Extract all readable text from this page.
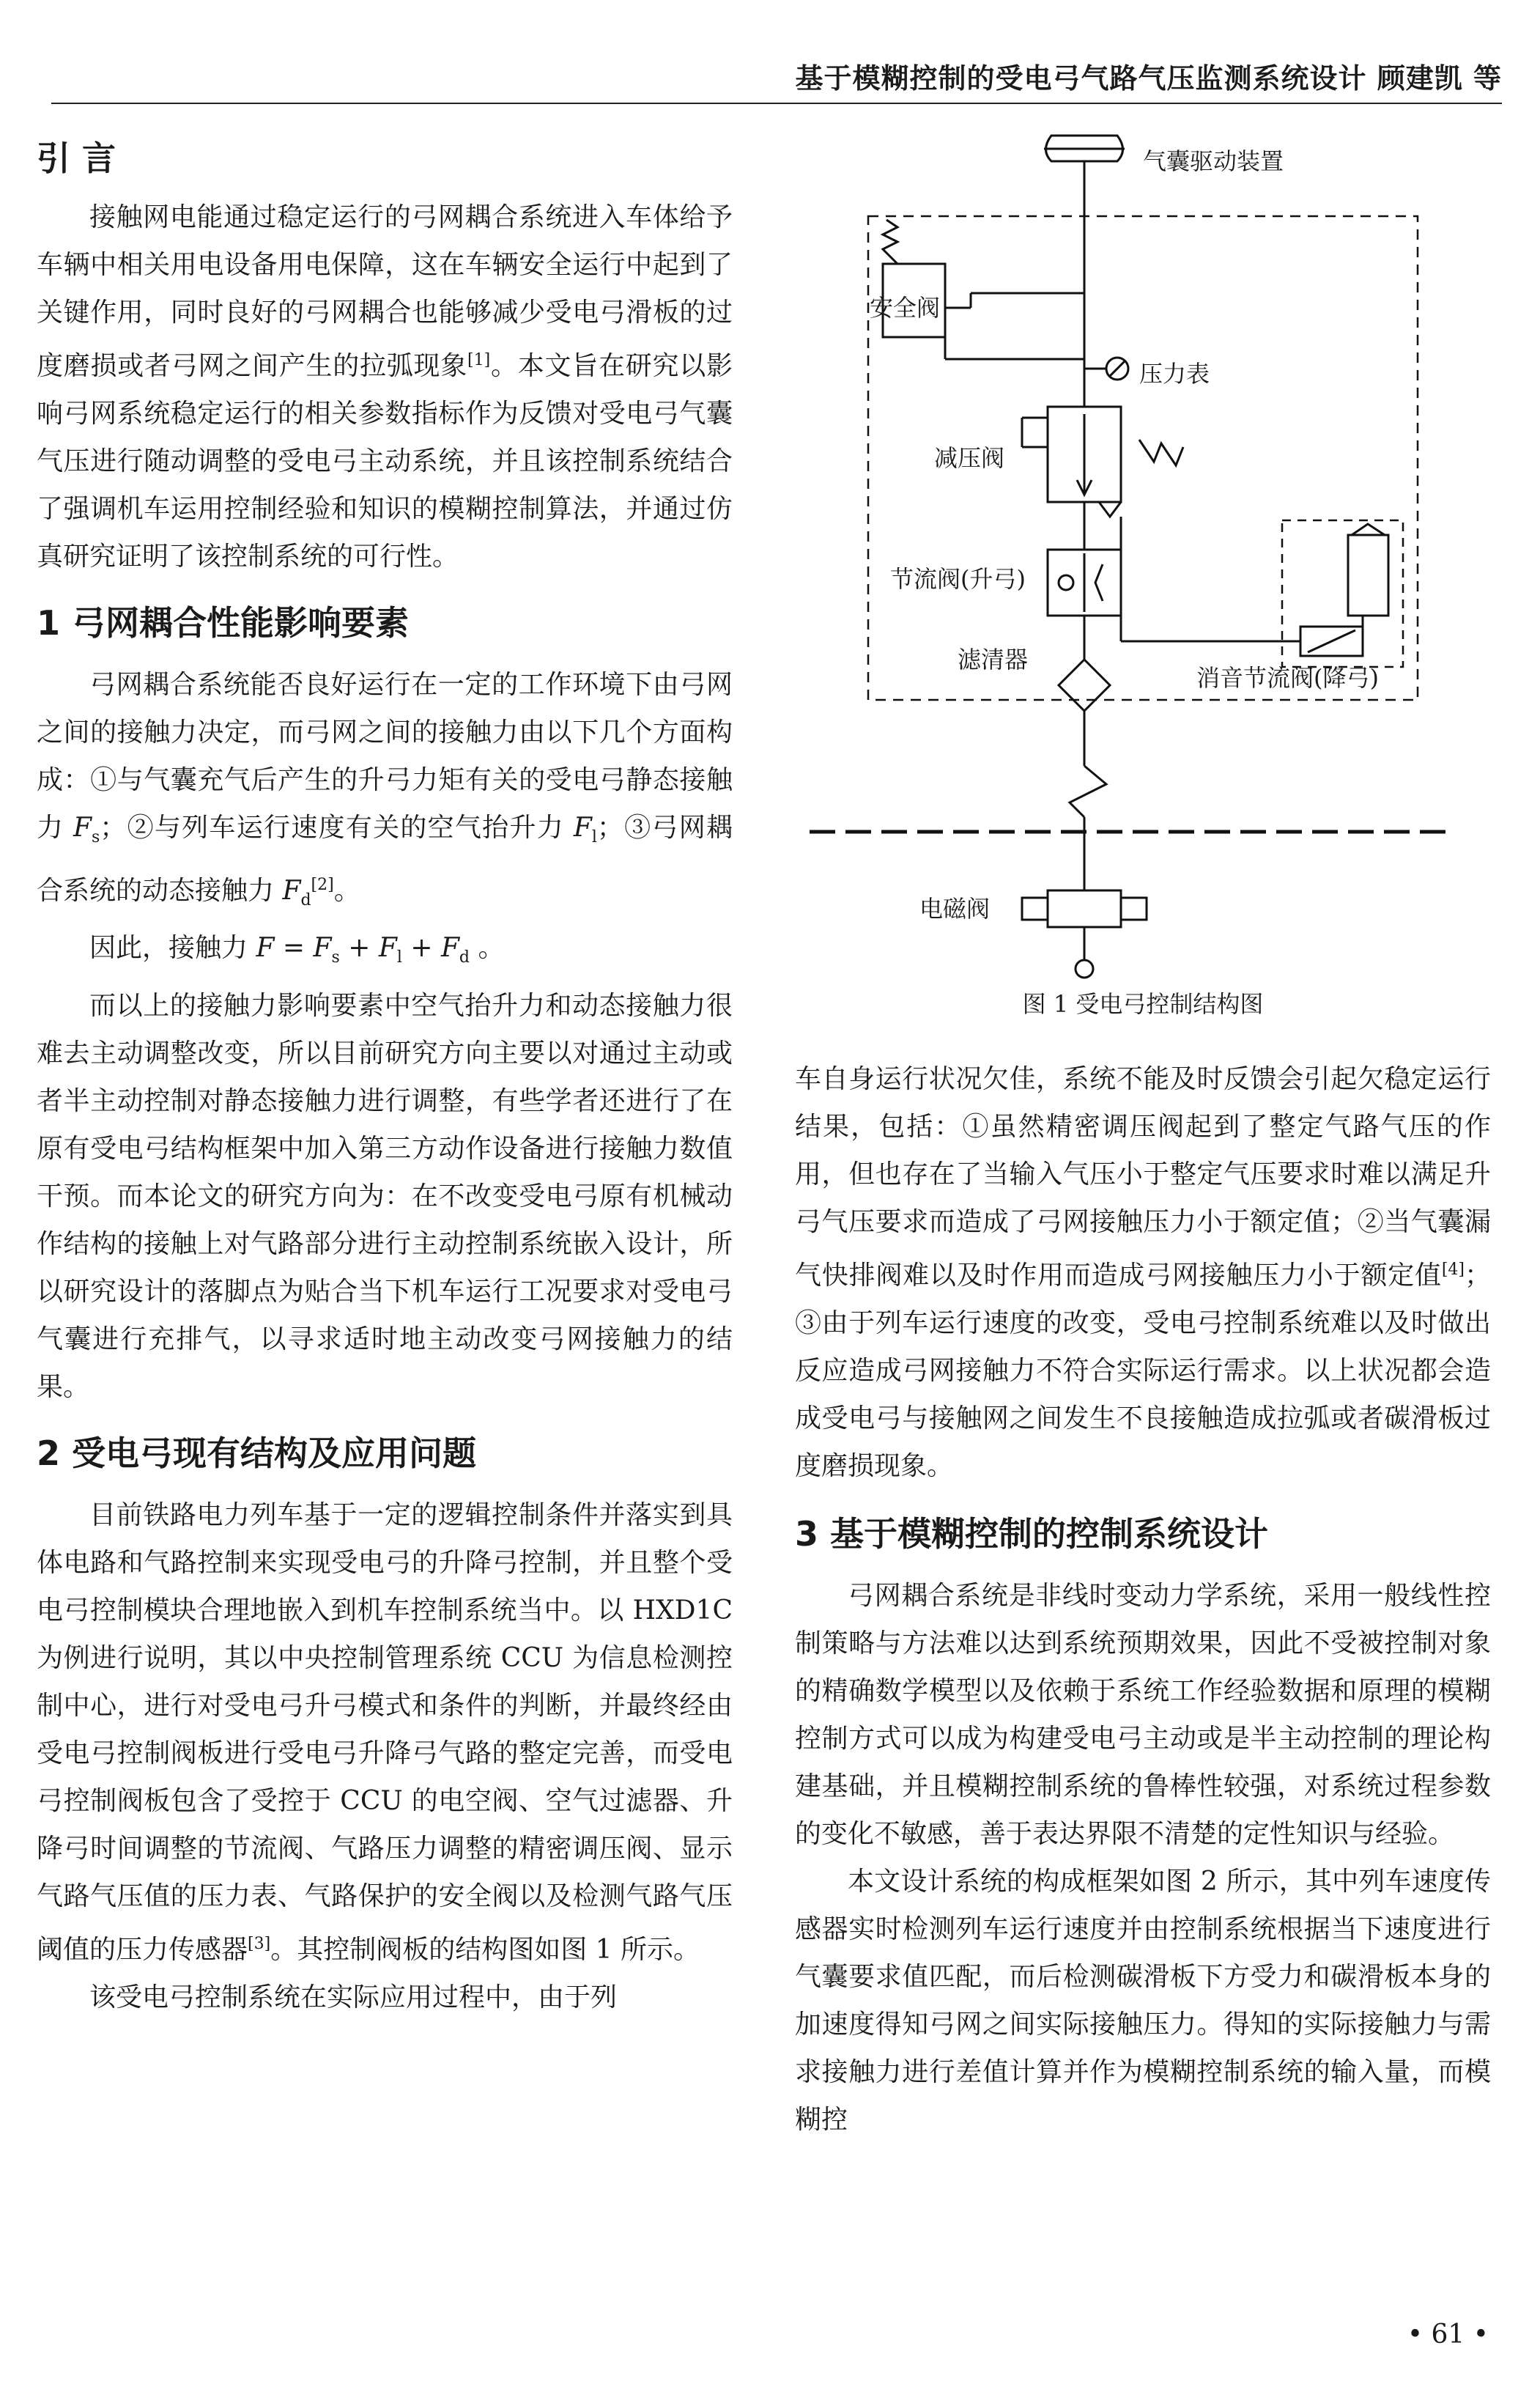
基于模糊控制的受电弓气路气压监测系统设计 顾建凯 等

引 言

接触网电能通过稳定运行的弓网耦合系统进入车体给予车辆中相关用电设备用电保障，这在车辆安全运行中起到了关键作用，同时良好的弓网耦合也能够减少受电弓滑板的过度磨损或者弓网之间产生的拉弧现象[1]。本文旨在研究以影响弓网系统稳定运行的相关参数指标作为反馈对受电弓气囊气压进行随动调整的受电弓主动系统，并且该控制系统结合了强调机车运用控制经验和知识的模糊控制算法，并通过仿真研究证明了该控制系统的可行性。

1 弓网耦合性能影响要素

弓网耦合系统能否良好运行在一定的工作环境下由弓网之间的接触力决定，而弓网之间的接触力由以下几个方面构成：①与气囊充气后产生的升弓力矩有关的受电弓静态接触力 $F_s$；②与列车运行速度有关的空气抬升力 $F_l$；③弓网耦合系统的动态接触力 $F_d[2]$。

因此，接触力 $F = F_s + F_l + F_d$ 。

而以上的接触力影响要素中空气抬升力和动态接触力很难去主动调整改变，所以目前研究方向主要以对通过主动或者半主动控制对静态接触力进行调整，有些学者还进行了在原有受电弓结构框架中加入第三方动作设备进行接触力数值干预。而本论文的研究方向为：在不改变受电弓原有机械动作结构的接触上对气路部分进行主动控制系统嵌入设计，所以研究设计的落脚点为贴合当下机车运行工况要求对受电弓气囊进行充排气，以寻求适时地主动改变弓网接触力的结果。

2 受电弓现有结构及应用问题

目前铁路电力列车基于一定的逻辑控制条件并落实到具体电路和气路控制来实现受电弓的升降弓控制，并且整个受电弓控制模块合理地嵌入到机车控制系统当中。以 HXD1C 为例进行说明，其以中央控制管理系统 CCU 为信息检测控制中心，进行对受电弓升弓模式和条件的判断，并最终经由受电弓控制阀板进行受电弓升降弓气路的整定完善，而受电弓控制阀板包含了受控于 CCU 的电空阀、空气过滤器、升降弓时间调整的节流阀、气路压力调整的精密调压阀、显示气路气压值的压力表、气路保护的安全阀以及检测气路气压阈值的压力传感器[3]。其控制阀板的结构图如图 1 所示。

该受电弓控制系统在实际应用过程中，由于列

气囊驱动装置
安全阀
压力表
减压阀
节流阀(升弓)
滤清器
消音节流阀(降弓)
电磁阀
图 1 受电弓控制结构图

车自身运行状况欠佳，系统不能及时反馈会引起欠稳定运行结果，包括：①虽然精密调压阀起到了整定气路气压的作用，但也存在了当输入气压小于整定气压要求时难以满足升弓气压要求而造成了弓网接触压力小于额定值；②当气囊漏气快排阀难以及时作用而造成弓网接触压力小于额定值[4]；③由于列车运行速度的改变，受电弓控制系统难以及时做出反应造成弓网接触力不符合实际运行需求。以上状况都会造成受电弓与接触网之间发生不良接触造成拉弧或者碳滑板过度磨损现象。

3 基于模糊控制的控制系统设计

弓网耦合系统是非线时变动力学系统，采用一般线性控制策略与方法难以达到系统预期效果，因此不受被控制对象的精确数学模型以及依赖于系统工作经验数据和原理的模糊控制方式可以成为构建受电弓主动或是半主动控制的理论构建基础，并且模糊控制系统的鲁棒性较强，对系统过程参数的变化不敏感，善于表达界限不清楚的定性知识与经验。

本文设计系统的构成框架如图 2 所示，其中列车速度传感器实时检测列车运行速度并由控制系统根据当下速度进行气囊要求值匹配，而后检测碳滑板下方受力和碳滑板本身的加速度得知弓网之间实际接触压力。得知的实际接触力与需求接触力进行差值计算并作为模糊控制系统的输入量，而模糊控

• 61 •
